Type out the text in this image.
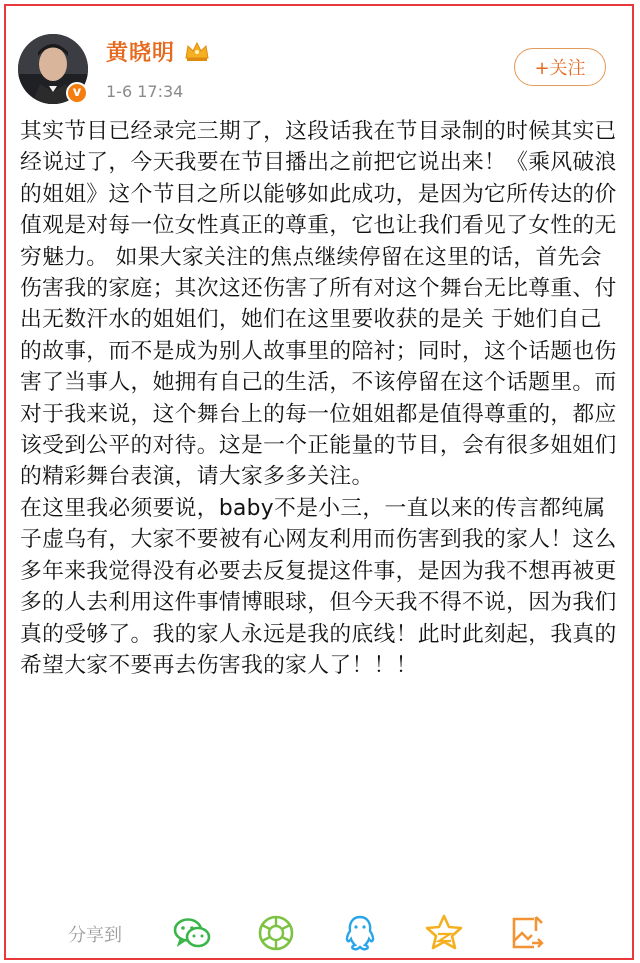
v
黄晓明
1-6 17:34
+关注

其实节目已经录完三期了，这段话我在节目录制的时候其实已经说过了，今天我要在节目播出之前把它说出来！《乘风破浪的姐姐》这个节目之所以能够如此成功，是因为它所传达的价值观是对每一位女性真正的尊重，它也让我们看见了女性的无穷魅力。 如果大家关注的焦点继续停留在这里的话，首先会伤害我的家庭；其次这还伤害了所有对这个舞台无比尊重、付出无数汗水的姐姐们，她们在这里要收获的是关 于她们自己的故事，而不是成为别人故事里的陪衬；同时，这个话题也伤害了当事人，她拥有自己的生活，不该停留在这个话题里。而对于我来说，这个舞台上的每一位姐姐都是值得尊重的，都应该受到公平的对待。这是一个正能量的节目，会有很多姐姐们的精彩舞台表演，请大家多多关注。

在这里我必须要说，baby不是小三，一直以来的传言都纯属子虚乌有，大家不要被有心网友利用而伤害到我的家人！这么多年来我觉得没有必要去反复提这件事，是因为我不想再被更多的人去利用这件事情博眼球，但今天我不得不说，因为我们真的受够了。我的家人永远是我的底线！此时此刻起，我真的希望大家不要再去伤害我的家人了！！！

分享到
